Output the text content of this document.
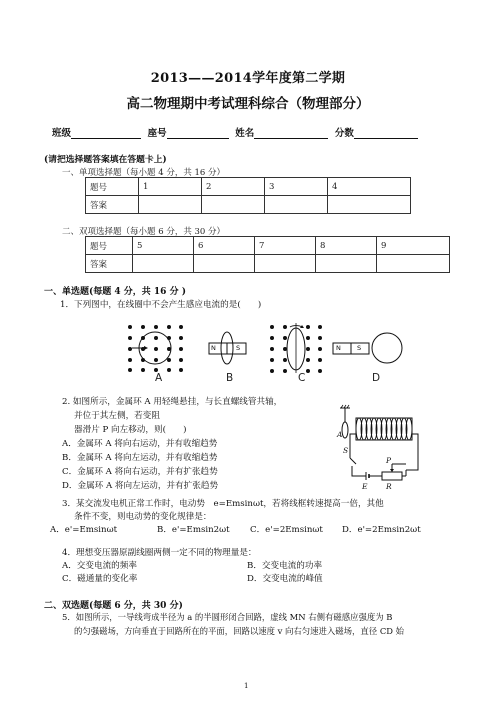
2013——2014学年度第二学期
高二物理期中考试理科综合（物理部分）
班级	座号	姓名	分数
(请把选择题答案填在答题卡上)
一、单项选择题（每小题 4 分，共 16 分）
题号	1	2	3	4
答案				
二、双项选择题（每小题 6 分，共 30 分）
题号	5	6	7	8	9
答案					
一、单选题(每题 4 分，共 16 分 )
1．下列图中，在线圈中不会产生感应电流的是(　　)
N	S	N S
A	B	C	D
2. 如图所示，金属环 A 用轻绳悬挂，与长直螺线管共轴，
并位于其左侧，若变阻
器滑片 P 向左移动，则(　　)
A．金属环 A 将向右运动，并有收缩趋势
B．金属环 A 将向左运动，并有收缩趋势
C．金属环 A 将向右运动，并有扩张趋势
D．金属环 A 将向左运动，并有扩张趋势
A
S
P
E R
3．某交流发电机正常工作时，电动势　e=Emsinωt，若将线框转速提高一倍，其他
条件不变，则电动势的变化规律是：
A．e'=Emsinωt	B．e'=Emsin2ωt C．e'=2Emsinωt D．e'=2Emsin2ωt
4．理想变压器原副线圈两侧一定不同的物理量是：
A．交变电流的频率	B．交变电流的功率
C．磁通量的变化率	D．交变电流的峰值
二、双选题(每题 6 分，共 30 分)
5．如图所示，一导线弯成半径为 a 的半圆形闭合回路，虚线 MN 右侧有磁感应强度为 B
的匀强磁场，方向垂直于回路所在的平面，回路以速度 v 向右匀速进入磁场，直径 CD 始
1
